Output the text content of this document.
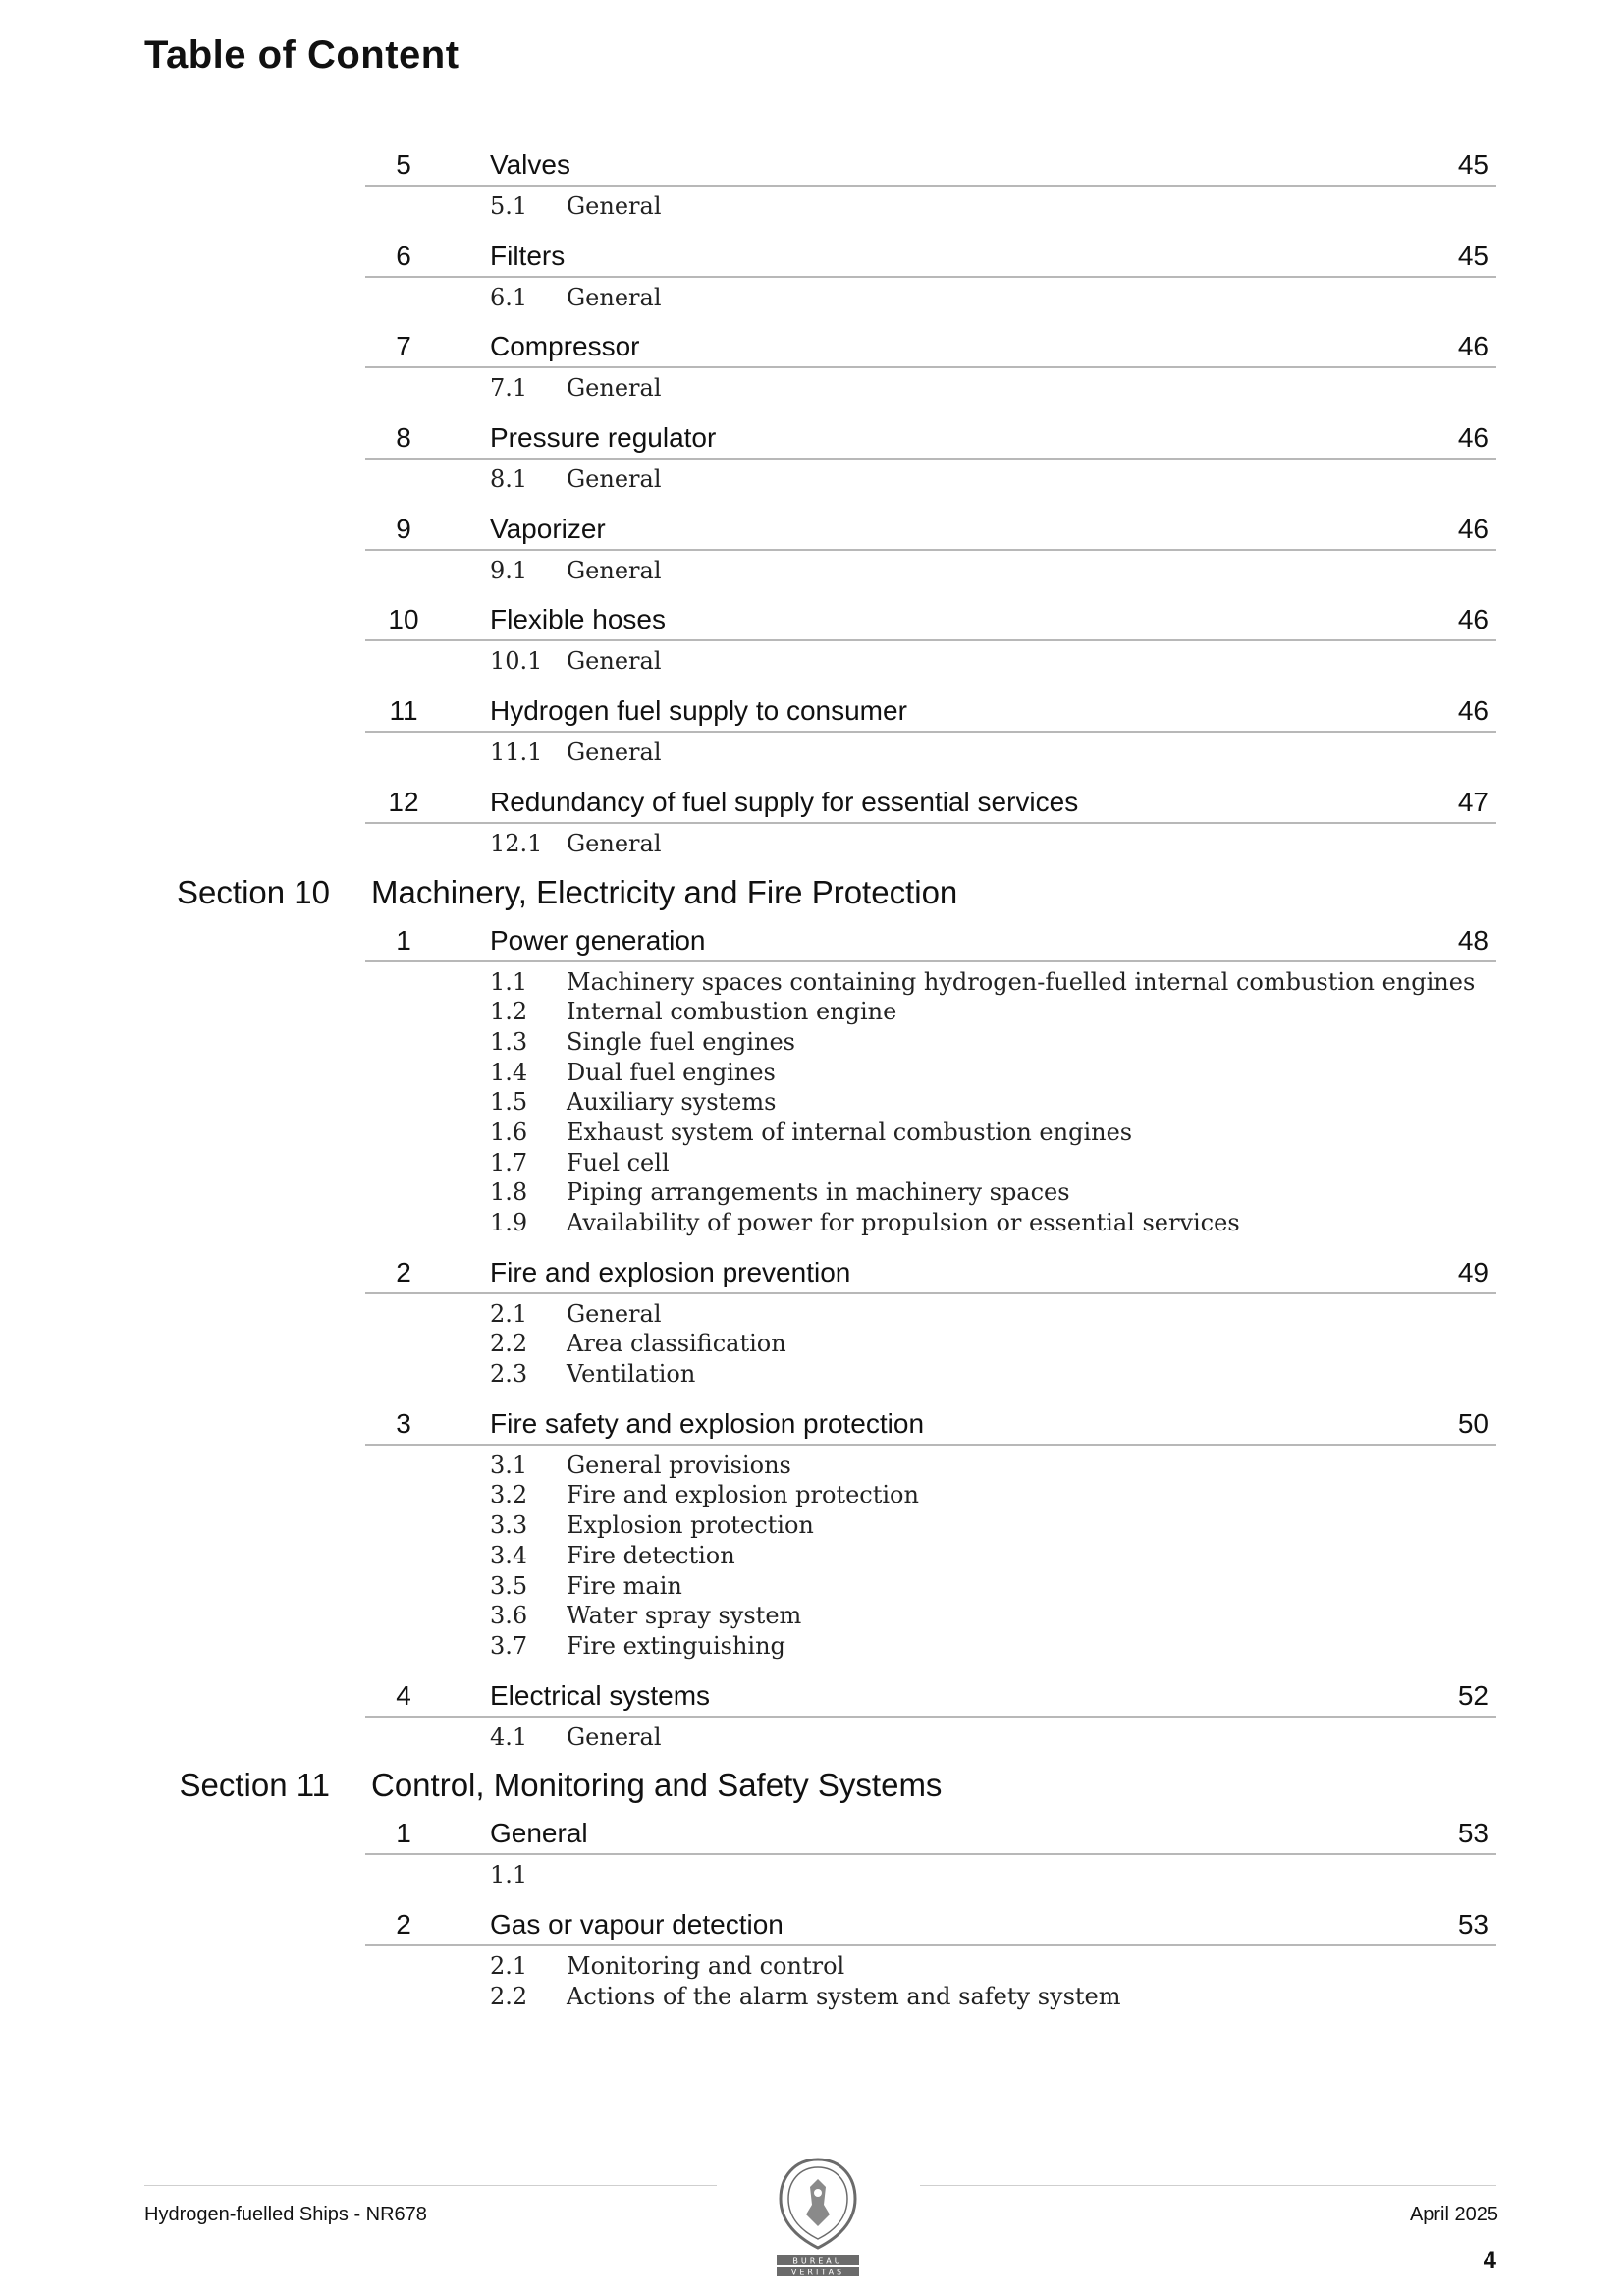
Table of Content
5	Valves	45
5.1 General
6	Filters	45
6.1 General
7	Compressor	46
7.1 General
8	Pressure regulator	46
8.1 General
9	Vaporizer	46
9.1 General
10	Flexible hoses	46
10.1 General
11	Hydrogen fuel supply to consumer	46
11.1 General
12	Redundancy of fuel supply for essential services	47
12.1 General
Section 10 Machinery, Electricity and Fire Protection
1	Power generation	48
1.1 Machinery spaces containing hydrogen-fuelled internal combustion engines
1.2 Internal combustion engine
1.3 Single fuel engines
1.4 Dual fuel engines
1.5 Auxiliary systems
1.6 Exhaust system of internal combustion engines
1.7 Fuel cell
1.8 Piping arrangements in machinery spaces
1.9 Availability of power for propulsion or essential services
2	Fire and explosion prevention	49
2.1 General
2.2 Area classification
2.3 Ventilation
3	Fire safety and explosion protection	50
3.1 General provisions
3.2 Fire and explosion protection
3.3 Explosion protection
3.4 Fire detection
3.5 Fire main
3.6 Water spray system
3.7 Fire extinguishing
4	Electrical systems	52
4.1 General
Section 11 Control, Monitoring and Safety Systems
1	General	53
1.1
2	Gas or vapour detection	53
2.1 Monitoring and control
2.2 Actions of the alarm system and safety system
Hydrogen-fuelled Ships - NR678	April 2025
4
BUREAU
VERITAS
